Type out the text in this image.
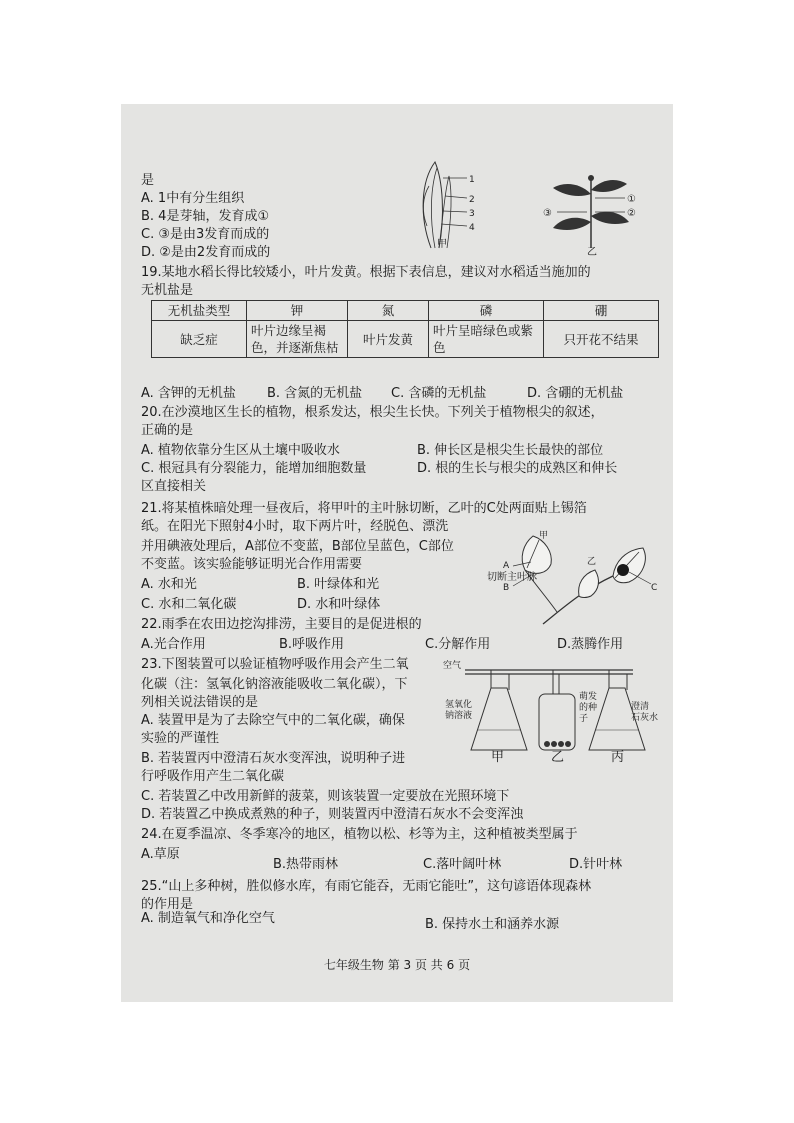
是
A. 1中有分生组织
B. 4是芽轴，发育成①
C. ③是由3发育而成的
D. ②是由2发育而成的
1
2
3
4
甲
①
②
③
乙
19.某地水稻长得比较矮小，叶片发黄。根据下表信息，建议对水稻适当施加的
无机盐是
无机盐类型	钾	氮	磷	硼
缺乏症	叶片边缘呈褐色，并逐渐焦枯	叶片发黄	叶片呈暗绿色或紫色	只开花不结果
A. 含钾的无机盐 B. 含氮的无机盐 C. 含磷的无机盐	D. 含硼的无机盐
20.在沙漠地区生长的植物，根系发达，根尖生长快。下列关于植物根尖的叙述，
正确的是
A. 植物依靠分生区从土壤中吸收水	B. 伸长区是根尖生长最快的部位
C. 根冠具有分裂能力，能增加细胞数量	D. 根的生长与根尖的成熟区和伸长
区直接相关
21.将某植株暗处理一昼夜后，将甲叶的主叶脉切断，乙叶的C处两面贴上锡箔
纸。在阳光下照射4小时，取下两片叶，经脱色、漂洗
并用碘液处理后，A部位不变蓝，B部位呈蓝色，C部位
不变蓝。该实验能够证明光合作用需要
A. 水和光	B. 叶绿体和光
C. 水和二氧化碳	D. 水和叶绿体
甲
乙
A
B	C
切断主叶脉
22.雨季在农田边挖沟排涝，主要目的是促进根的
A.光合作用	B.呼吸作用	C.分解作用	D.蒸腾作用
23.下图装置可以验证植物呼吸作用会产生二氧
化碳（注：氢氧化钠溶液能吸收二氧化碳），下
列相关说法错误的是
A. 装置甲是为了去除空气中的二氧化碳，确保
实验的严谨性
B. 若装置丙中澄清石灰水变浑浊，说明种子进
行呼吸作用产生二氧化碳
C. 若装置乙中改用新鲜的菠菜，则该装置一定要放在光照环境下
D. 若装置乙中换成煮熟的种子，则装置丙中澄清石灰水不会变浑浊
空气
氢氧化
钠溶液
萌发
的种
子
澄清
石灰水
甲	乙	丙
24.在夏季温凉、冬季寒冷的地区，植物以松、杉等为主，这种植被类型属于
A.草原
B.热带雨林	C.落叶阔叶林	D.针叶林
25.“山上多种树，胜似修水库，有雨它能吞，无雨它能吐”，这句谚语体现森林
的作用是
A. 制造氧气和净化空气	B. 保持水土和涵养水源
七年级生物 第 3 页 共 6 页
